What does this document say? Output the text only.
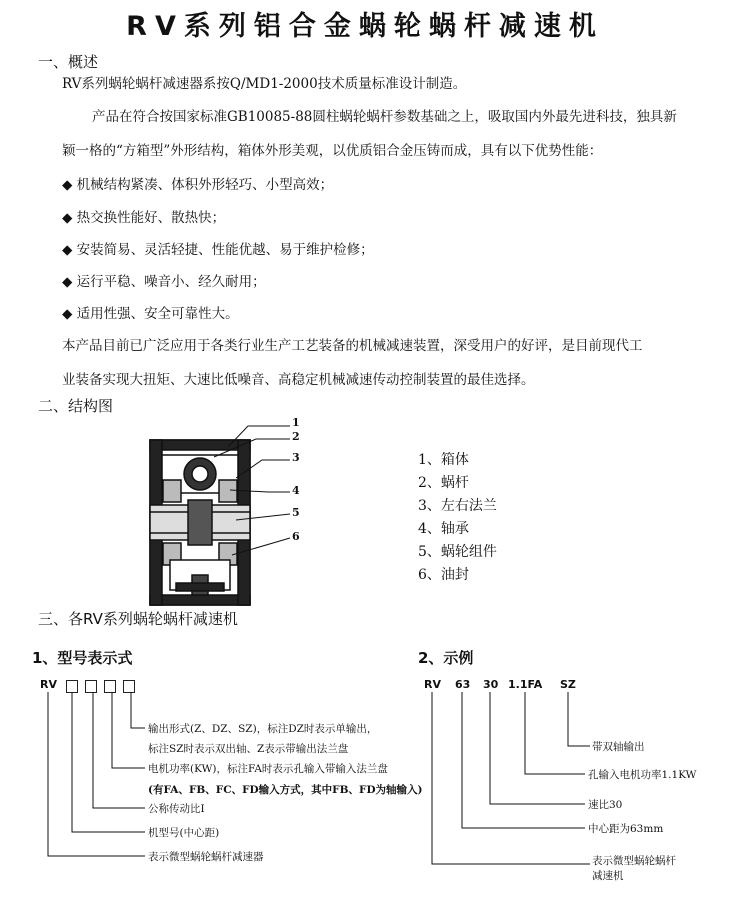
RV系列铝合金蜗轮蜗杆减速机
一、概述
RV系列蜗轮蜗杆减速器系按Q/MD1-2000技术质量标准设计制造。
产品在符合按国家标准GB10085-88圆柱蜗轮蜗杆参数基础之上，吸取国内外最先进科技，独具新
颖一格的“方箱型”外形结构，箱体外形美观，以优质铝合金压铸而成，具有以下优势性能：
◆ 机械结构紧凑、体积外形轻巧、小型高效；
◆ 热交换性能好、散热快；
◆ 安装简易、灵活轻捷、性能优越、易于维护检修；
◆ 运行平稳、噪音小、经久耐用；
◆ 适用性强、安全可靠性大。
本产品目前已广泛应用于各类行业生产工艺装备的机械减速装置，深受用户的好评，是目前现代工
业装备实现大扭矩、大速比低噪音、高稳定机械减速传动控制装置的最佳选择。
二、结构图
1
2
3
4
5
6
1、箱体
2、蜗杆
3、左右法兰
4、轴承
5、蜗轮组件
6、油封
三、各RV系列蜗轮蜗杆减速机
1、型号表示式	2、示例
RV
输出形式(Z、DZ、SZ)，标注DZ时表示单输出，
标注SZ时表示双出轴、Z表示带输出法兰盘
电机功率(KW)，标注FA时表示孔输入带输入法兰盘
(有FA、FB、FC、FD输入方式，其中FB、FD为轴输入)
公称传动比I
机型号(中心距)
表示微型蜗轮蜗杆减速器
RV 63 30 1.1FA SZ
带双轴输出
孔输入电机功率1.1KW
速比30
中心距为63mm
表示微型蜗轮蜗杆
减速机
